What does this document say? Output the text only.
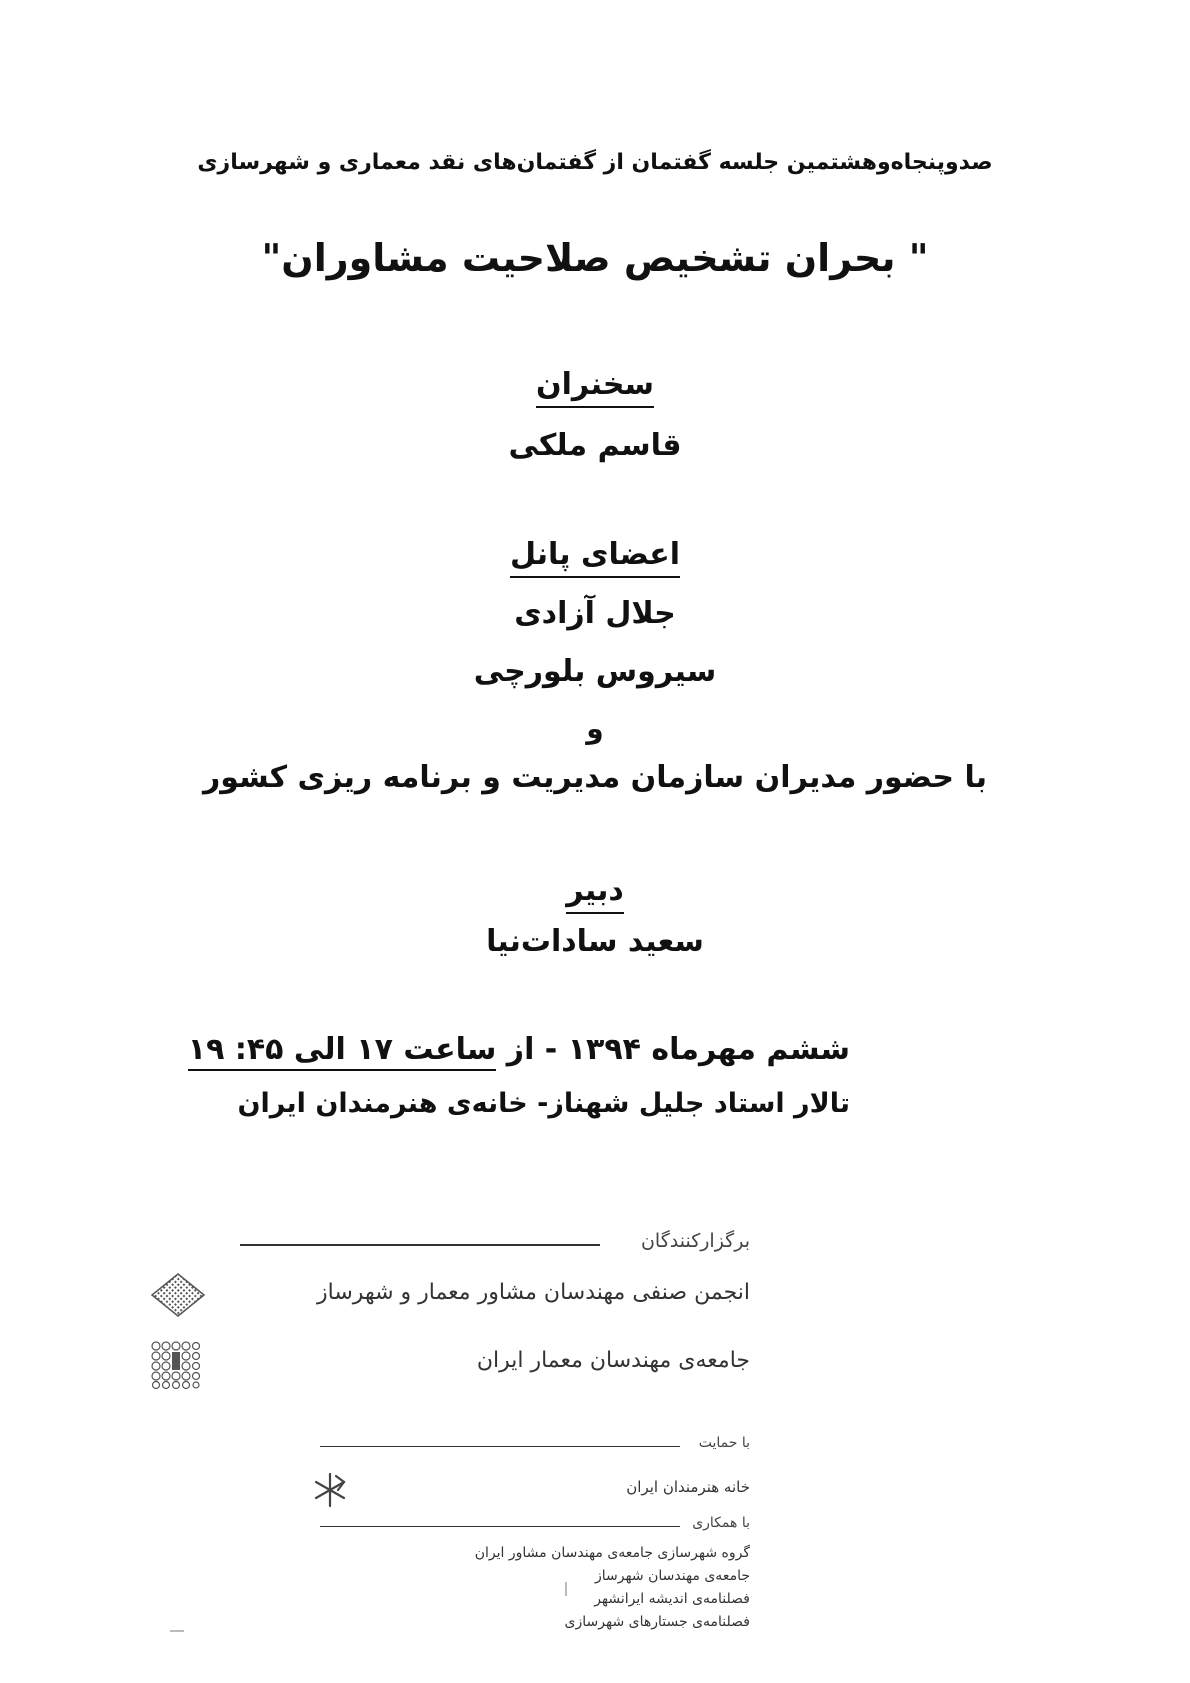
صدوپنجاه‌وهشتمین جلسه گفتمان از گفتمان‌های نقد معماری و شهرسازی
" بحران تشخیص صلاحیت مشاوران"
سخنران
قاسم ملکی
اعضای پانل
جلال آزادی
سیروس بلورچی
و
با حضور مدیران سازمان مدیریت و برنامه ریزی کشور
دبیر
سعید سادات‌نیا
ششم مهرماه ۱۳۹۴ - از ساعت ۱۷ الی ۴۵: ۱۹
تالار استاد جلیل شهناز- خانه‌ی هنرمندان ایران
برگزارکنندگان
انجمن صنفی مهندسان مشاور معمار و شهرساز
جامعه‌ی مهندسان معمار ایران
با حمایت
خانه هنرمندان ایران
با همکاری
گروه شهرسازی جامعه‌ی مهندسان مشاور ایران
جامعه‌ی مهندسان شهرساز
فصلنامه‌ی اندیشه ایرانشهر
فصلنامه‌ی جستارهای شهرسازی
